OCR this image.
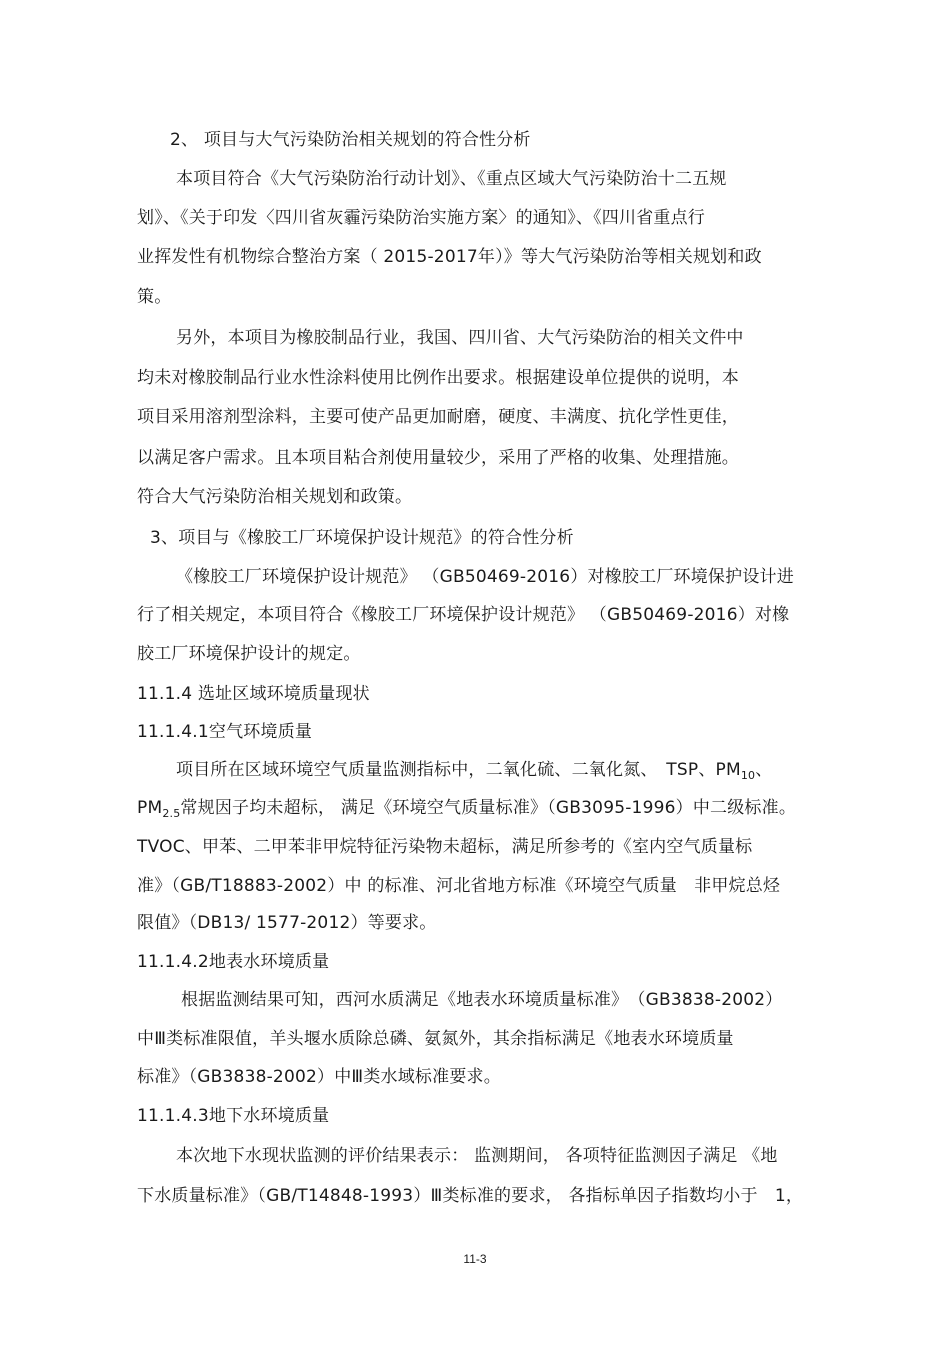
2、 项目与大气污染防治相关规划的符合性分析
本项目符合《大气污染防治行动计划》、《重点区域大气污染防治十二五规
划》、《关于印发〈四川省灰霾污染防治实施方案〉的通知》、《四川省重点行
业挥发性有机物综合整治方案（ 2015-2017年）》等大气污染防治等相关规划和政
策。
另外，本项目为橡胶制品行业，我国、四川省、大气污染防治的相关文件中
均未对橡胶制品行业水性涂料使用比例作出要求。根据建设单位提供的说明，本
项目采用溶剂型涂料，主要可使产品更加耐磨，硬度、丰满度、抗化学性更佳，
以满足客户需求。且本项目粘合剂使用量较少，采用了严格的收集、处理措施。
符合大气污染防治相关规划和政策。
3、项目与《橡胶工厂环境保护设计规范》的符合性分析
《橡胶工厂环境保护设计规范》 （GB50469-2016）对橡胶工厂环境保护设计进
行了相关规定，本项目符合《橡胶工厂环境保护设计规范》 （GB50469-2016）对橡
胶工厂环境保护设计的规定。
11.1.4 选址区域环境质量现状
11.1.4.1空气环境质量
项目所在区域环境空气质量监测指标中，二氧化硫、二氧化氮、　TSP、$PM_{10}$、
$PM_{2.5}$常规因子均未超标， 满足《环境空气质量标准》（GB3095-1996）中二级标准。
TVOC、甲苯、二甲苯非甲烷特征污染物未超标，满足所参考的《室内空气质量标
准》（GB/T18883-2002）中 的标准、河北省地方标准《环境空气质量　非甲烷总烃
限值》（DB13/ 1577-2012）等要求。
11.1.4.2地表水环境质量
根据监测结果可知，西河水质满足《地表水环境质量标准》　（GB3838-2002）
中Ⅲ类标准限值，羊头堰水质除总磷、氨氮外，其余指标满足《地表水环境质量
标准》（GB3838-2002）中Ⅲ类水域标准要求。
11.1.4.3地下水环境质量
本次地下水现状监测的评价结果表示： 监测期间， 各项特征监测因子满足 《地
下水质量标准》（GB/T14848-1993）Ⅲ类标准的要求， 各指标单因子指数均小于　1，
11-3
